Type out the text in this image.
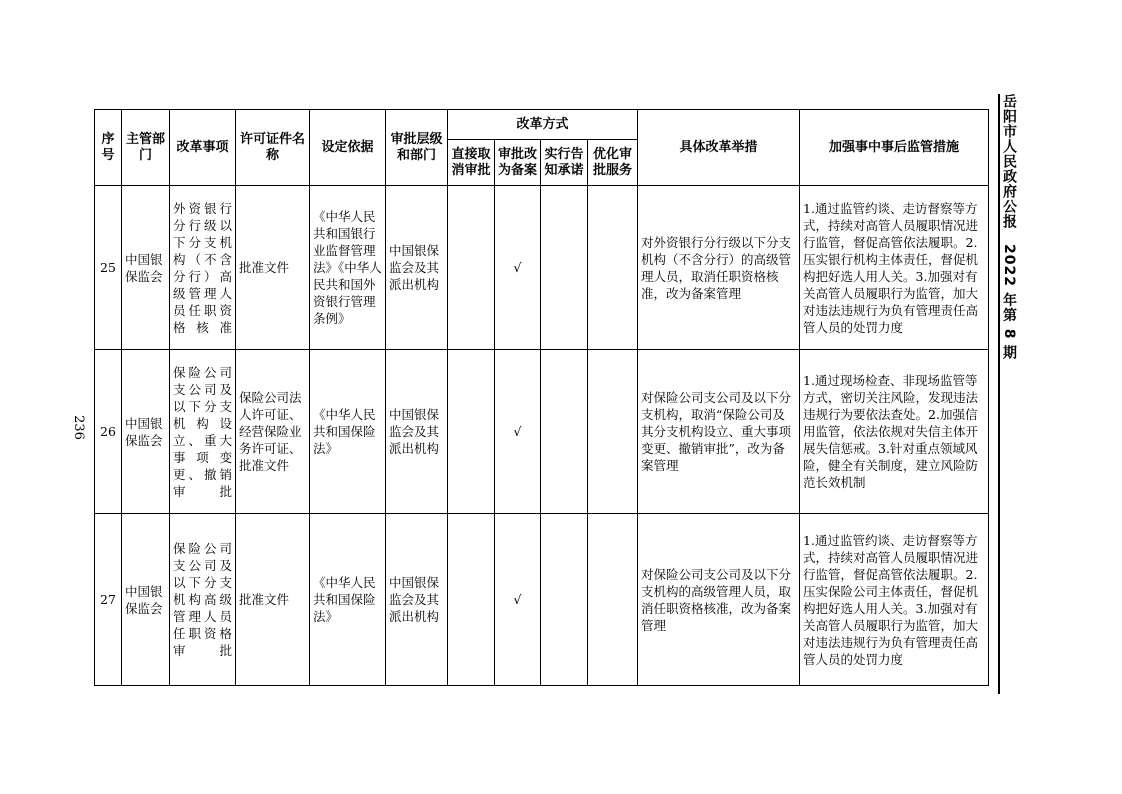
236
岳阳市人民政府公报　2022 年第 8 期
序号	主管部门	改革事项	许可证件名称	设定依据	审批层级和部门	改革方式				具体改革举措	加强事中事后监管措施
						直接取消审批	审批改为备案	实行告知承诺	优化审批服务		
25	中国银保监会	外资银行分行级以下分支机构（不含分行）高级管理人员任职资格核准	批准文件	《中华人民共和国银行业监督管理法》《中华人民共和国外资银行管理条例》	中国银保监会及其派出机构		√			对外资银行分行级以下分支机构（不含分行）的高级管理人员，取消任职资格核准，改为备案管理	1.通过监管约谈、走访督察等方式，持续对高管人员履职情况进行监管，督促高管依法履职。2.压实银行机构主体责任，督促机构把好选人用人关。3.加强对有关高管人员履职行为监管，加大对违法违规行为负有管理责任高管人员的处罚力度
26	中国银保监会	保险公司支公司及以下分支机构设立、重大事项变更、撤销审批	保险公司法人许可证、经营保险业务许可证、批准文件	《中华人民共和国保险法》	中国银保监会及其派出机构		√			对保险公司支公司及以下分支机构，取消“保险公司及其分支机构设立、重大事项变更、撤销审批”，改为备案管理	1.通过现场检查、非现场监管等方式，密切关注风险，发现违法违规行为要依法查处。2.加强信用监管，依法依规对失信主体开展失信惩戒。3.针对重点领域风险，健全有关制度，建立风险防范长效机制
27	中国银保监会	保险公司支公司及以下分支机构高级管理人员任职资格审批	批准文件	《中华人民共和国保险法》	中国银保监会及其派出机构		√			对保险公司支公司及以下分支机构的高级管理人员，取消任职资格核准，改为备案管理	1.通过监管约谈、走访督察等方式，持续对高管人员履职情况进行监管，督促高管依法履职。2.压实保险公司主体责任，督促机构把好选人用人关。3.加强对有关高管人员履职行为监管，加大对违法违规行为负有管理责任高管人员的处罚力度
